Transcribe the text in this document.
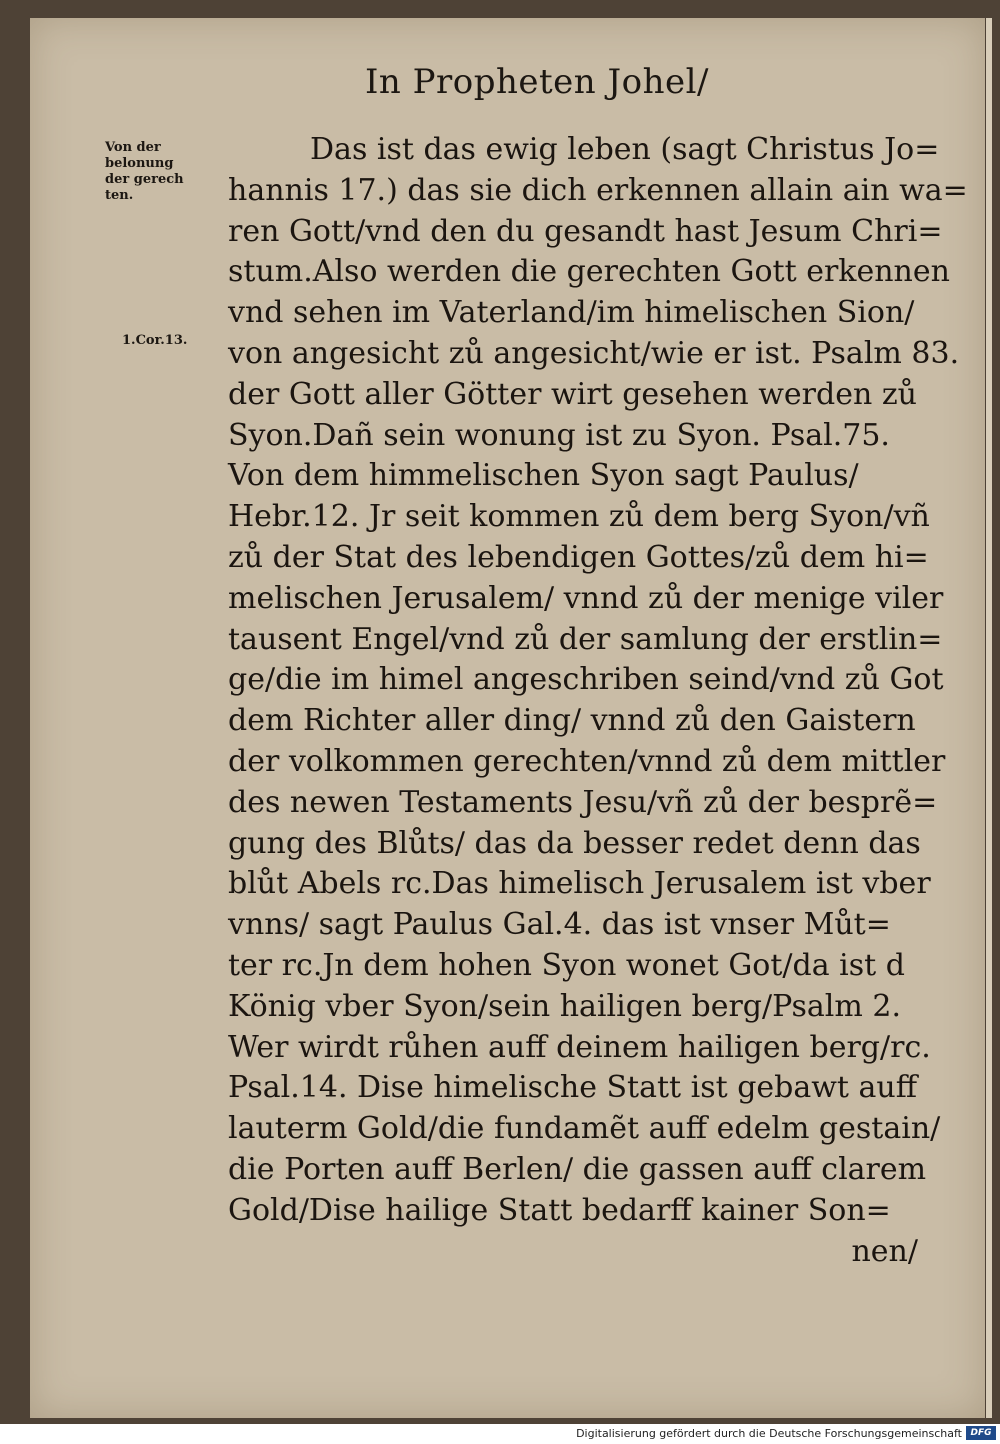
In Propheten Johel/
Von der
belonung
der gerech
ten.
1.Cor.13.
Das ist das ewig leben (sagt Christus Jo=
hannis 17.) das sie dich erkennen allain ain wa=
ren Gott/vnd den du gesandt hast Jesum Chri=
stum.Also werden die gerechten Gott erkennen
vnd sehen im Vaterland/im himelischen Sion/
von angesicht zů angesicht/wie er ist. Psalm 83.
der Gott aller Götter wirt gesehen werden zů
Syon.Dañ sein wonung ist zu Syon. Psal.75.
Von dem himmelischen Syon sagt Paulus/
Hebr.12. Jr seit kommen zů dem berg Syon/vñ
zů der Stat des lebendigen Gottes/zů dem hi=
melischen Jerusalem/ vnnd zů der menige viler
tausent Engel/vnd zů der samlung der erstlin=
ge/die im himel angeschriben seind/vnd zů Got
dem Richter aller ding/ vnnd zů den Gaistern
der volkommen gerechten/vnnd zů dem mittler
des newen Testaments Jesu/vñ zů der besprẽ=
gung des Blůts/ das da besser redet denn das
blůt Abels rc.Das himelisch Jerusalem ist vber
vnns/ sagt Paulus Gal.4. das ist vnser Můt=
ter rc.Jn dem hohen Syon wonet Got/da ist d
König vber Syon/sein hailigen berg/Psalm 2.
Wer wirdt růhen auff deinem hailigen berg/rc.
Psal.14. Dise himelische Statt ist gebawt auff
lauterm Gold/die fundamẽt auff edelm gestain/
die Porten auff Berlen/ die gassen auff clarem
Gold/Dise hailige Statt bedarff kainer Son=
nen/
Digitalisierung gefördert durch die Deutsche Forschungsgemeinschaft DFG
